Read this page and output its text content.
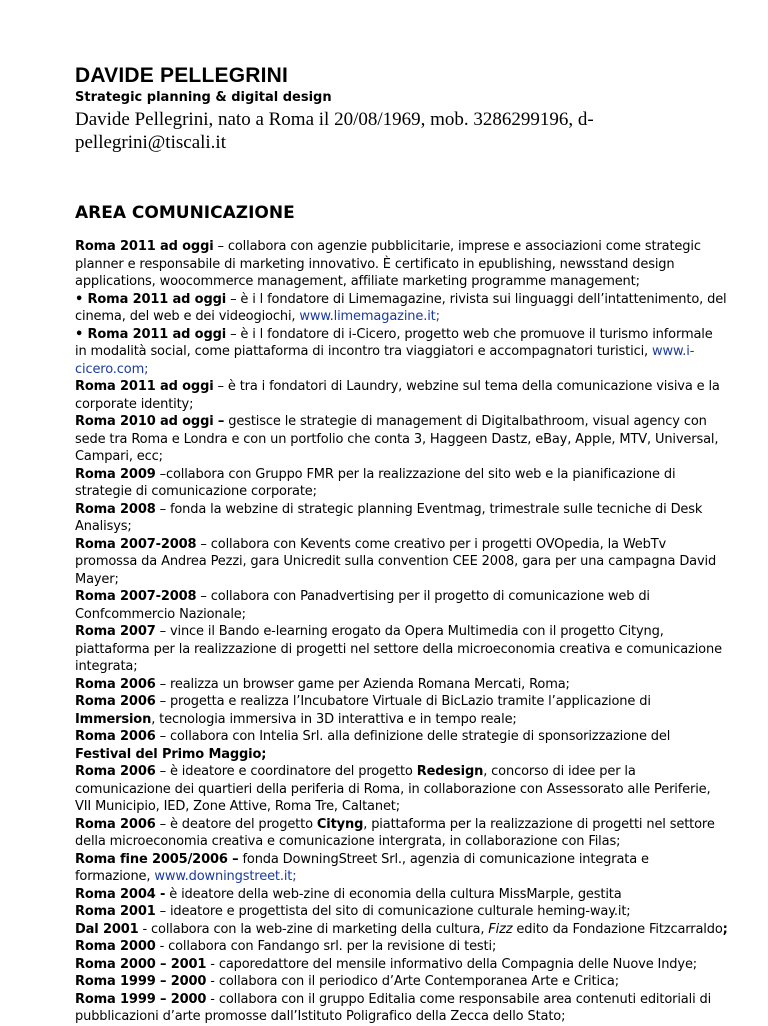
DAVIDE PELLEGRINI
Strategic planning & digital design
Davide Pellegrini, nato a Roma il 20/08/1969, mob. 3286299196, d-pellegrini@tiscali.it
AREA COMUNICAZIONE

Roma 2011 ad oggi – collabora con agenzie pubblicitarie, imprese e associazioni come strategic planner e responsabile di marketing innovativo. È certificato in epublishing, newsstand design applications, woocommerce management, affiliate marketing programme management;

• Roma 2011 ad oggi – è i l fondatore di Limemagazine, rivista sui linguaggi dell’intattenimento, del cinema, del web e dei videogiochi, www.limemagazine.it;

• Roma 2011 ad oggi – è i l fondatore di i-Cicero, progetto web che promuove il turismo informale in modalità social, come piattaforma di incontro tra viaggiatori e accompagnatori turistici, www.i-cicero.com;

Roma 2011 ad oggi – è tra i fondatori di Laundry, webzine sul tema della comunicazione visiva e la corporate identity;

Roma 2010 ad oggi – gestisce le strategie di management di Digitalbathroom, visual agency con sede tra Roma e Londra e con un portfolio che conta 3, Haggeen Dastz, eBay, Apple, MTV, Universal, Campari, ecc;

Roma 2009 –collabora con Gruppo FMR per la realizzazione del sito web e la pianificazione di strategie di comunicazione corporate;

Roma 2008 – fonda la webzine di strategic planning Eventmag, trimestrale sulle tecniche di Desk Analisys;

Roma 2007-2008 – collabora con Kevents come creativo per i progetti OVOpedia, la WebTv promossa da Andrea Pezzi, gara Unicredit sulla convention CEE 2008, gara per una campagna David Mayer;

Roma 2007-2008 – collabora con Panadvertising per il progetto di comunicazione web di Confcommercio Nazionale;

Roma 2007 – vince il Bando e-learning erogato da Opera Multimedia con il progetto Cityng, piattaforma per la realizzazione di progetti nel settore della microeconomia creativa e comunicazione integrata;

Roma 2006 – realizza un browser game per Azienda Romana Mercati, Roma;

Roma 2006 – progetta e realizza l’Incubatore Virtuale di BicLazio tramite l’applicazione di Immersion, tecnologia immersiva in 3D interattiva e in tempo reale;

Roma 2006 – collabora con Intelia Srl. alla definizione delle strategie di sponsorizzazione del Festival del Primo Maggio;

Roma 2006 – è ideatore e coordinatore del progetto Redesign, concorso di idee per la comunicazione dei quartieri della periferia di Roma, in collaborazione con Assessorato alle Periferie, VII Municipio, IED, Zone Attive, Roma Tre, Caltanet;

Roma 2006 – è deatore del progetto Cityng, piattaforma per la realizzazione di progetti nel settore della microeconomia creativa e comunicazione intergrata, in collaborazione con Filas;

Roma fine 2005/2006 – fonda DowningStreet Srl., agenzia di comunicazione integrata e formazione, www.downingstreet.it;

Roma 2004 - è ideatore della web-zine di economia della cultura MissMarple, gestita

Roma 2001 – ideatore e progettista del sito di comunicazione culturale heming-way.it;

Dal 2001 - collabora con la web-zine di marketing della cultura, Fizz edito da Fondazione Fitzcarraldo;

Roma 2000 - collabora con Fandango srl. per la revisione di testi;

Roma 2000 – 2001 - caporedattore del mensile informativo della Compagnia delle Nuove Indye;

Roma 1999 – 2000 - collabora con il periodico d’Arte Contemporanea Arte e Critica;

Roma 1999 – 2000 - collabora con il gruppo Editalia come responsabile area contenuti editoriali di pubblicazioni d’arte promosse dall’Istituto Poligrafico della Zecca dello Stato;
